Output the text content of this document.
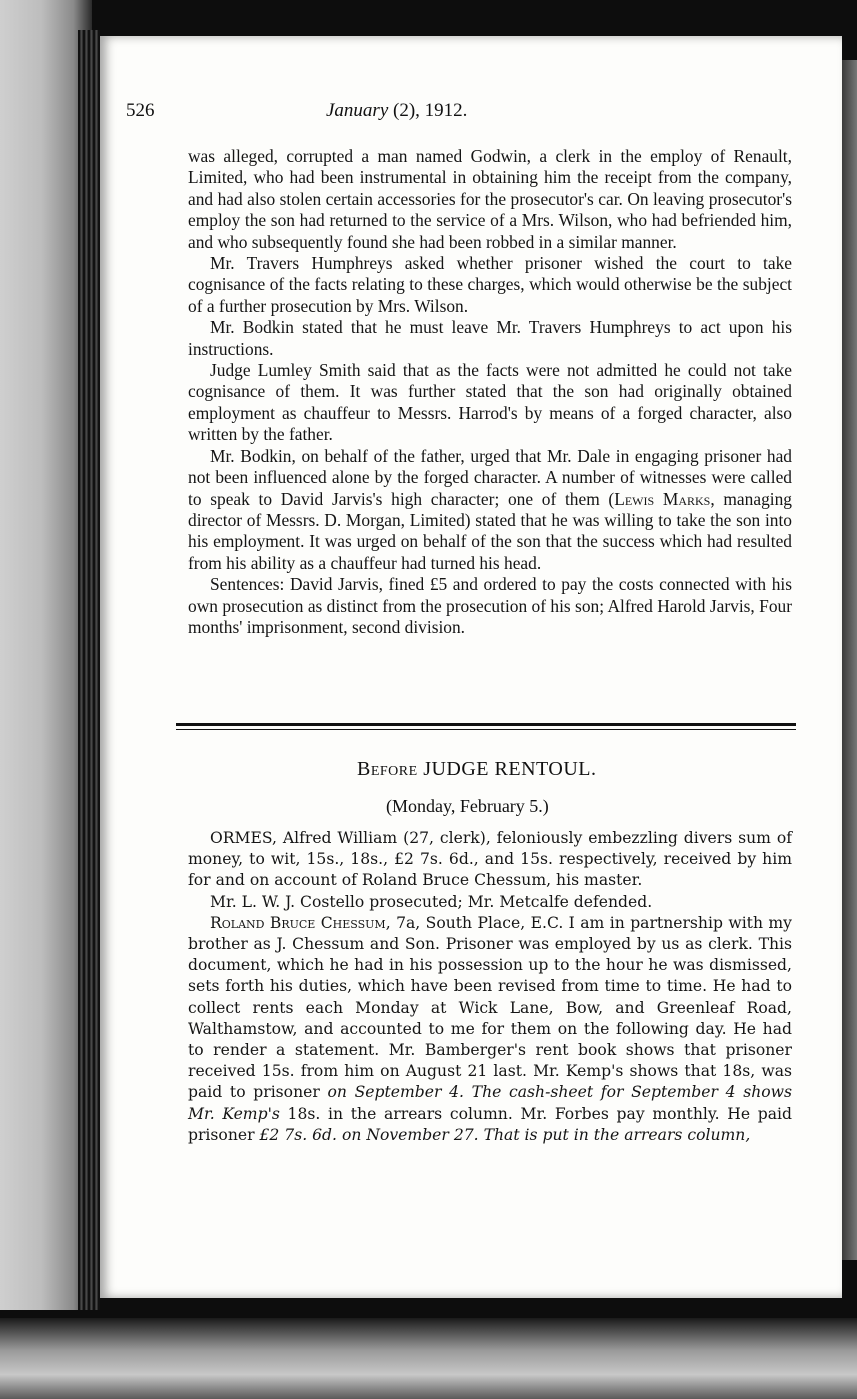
526	January (2), 1912.

was alleged, corrupted a man named Godwin, a clerk in the employ of Renault, Limited, who had been instrumental in obtaining him the receipt from the company, and had also stolen certain accessories for the prosecutor's car. On leaving prosecutor's employ the son had returned to the service of a Mrs. Wilson, who had befriended him, and who subsequently found she had been robbed in a similar manner.

Mr. Travers Humphreys asked whether prisoner wished the court to take cognisance of the facts relating to these charges, which would otherwise be the subject of a further prosecution by Mrs. Wilson.

Mr. Bodkin stated that he must leave Mr. Travers Humphreys to act upon his instructions.

Judge Lumley Smith said that as the facts were not admitted he could not take cognisance of them. It was further stated that the son had originally obtained employment as chauffeur to Messrs. Harrod's by means of a forged character, also written by the father.

Mr. Bodkin, on behalf of the father, urged that Mr. Dale in engaging prisoner had not been influenced alone by the forged character. A number of witnesses were called to speak to David Jarvis's high character; one of them (Lewis Marks, managing director of Messrs. D. Morgan, Limited) stated that he was willing to take the son into his employment. It was urged on behalf of the son that the success which had resulted from his ability as a chauffeur had turned his head.

Sentences: David Jarvis, fined £5 and ordered to pay the costs connected with his own prosecution as distinct from the prosecution of his son; Alfred Harold Jarvis, Four months' imprisonment, second division.

Before JUDGE RENTOUL.
(Monday, February 5.)

ORMES, Alfred William (27, clerk), feloniously embezzling divers sum of money, to wit, 15s., 18s., £2 7s. 6d., and 15s. respectively, received by him for and on account of Roland Bruce Chessum, his master.

Mr. L. W. J. Costello prosecuted; Mr. Metcalfe defended.

Roland Bruce Chessum, 7a, South Place, E.C. I am in partnership with my brother as J. Chessum and Son. Prisoner was employed by us as clerk. This document, which he had in his possession up to the hour he was dismissed, sets forth his duties, which have been revised from time to time. He had to collect rents each Monday at Wick Lane, Bow, and Greenleaf Road, Walthamstow, and accounted to me for them on the following day. He had to render a statement. Mr. Bamberger's rent book shows that prisoner received 15s. from him on August 21 last. Mr. Kemp's shows that 18s, was paid to prisoner on September 4. The cash-sheet for September 4 shows Mr. Kemp's 18s. in the arrears column. Mr. Forbes pay monthly. He paid prisoner £2 7s. 6d. on November 27. That is put in the arrears column,
